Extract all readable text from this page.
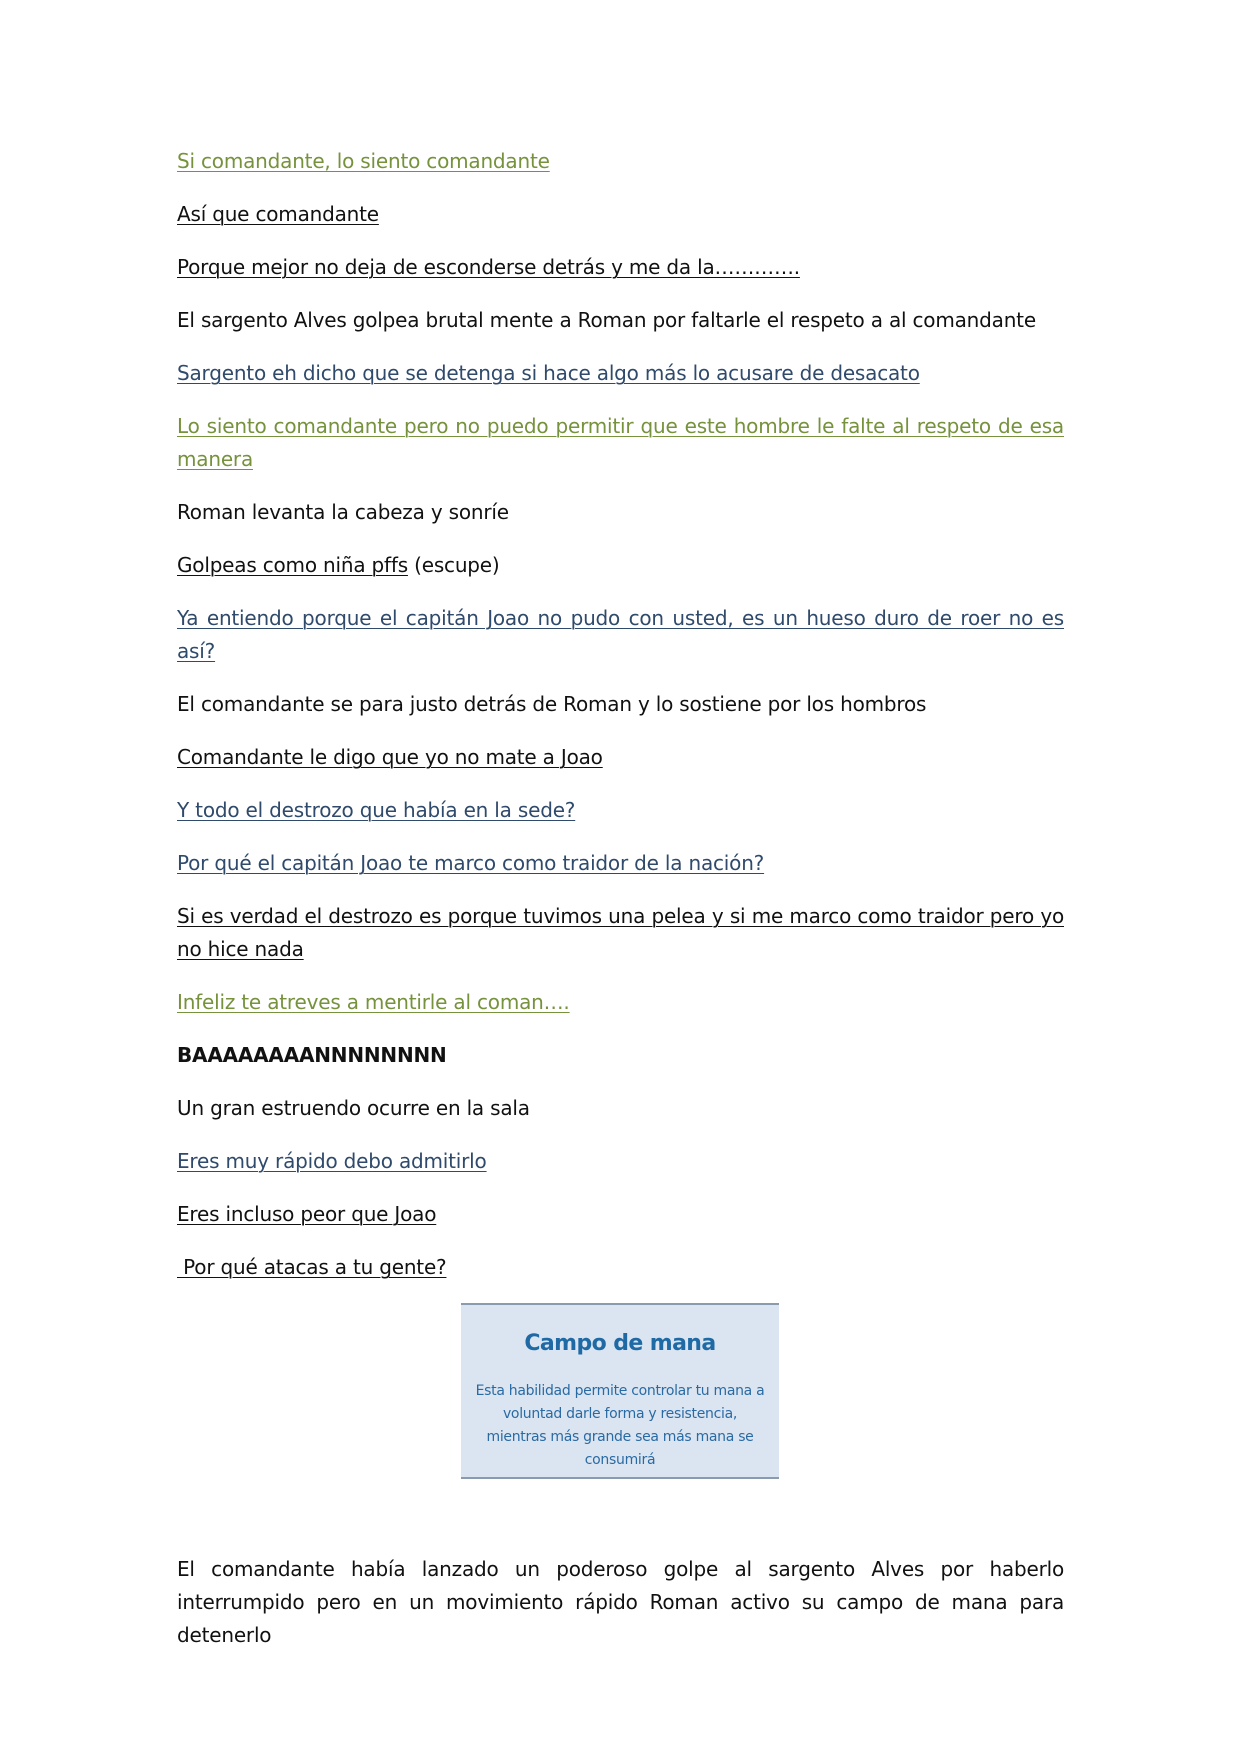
Si comandante, lo siento comandante

Así que comandante

Porque mejor no deja de esconderse detrás y me da la………….

El sargento Alves golpea brutal mente a Roman por faltarle el respeto a al comandante

Sargento eh dicho que se detenga si hace algo más lo acusare de desacato

Lo siento comandante pero no puedo permitir que este hombre le falte al respeto de esa manera

Roman levanta la cabeza y sonríe

Golpeas como niña pffs (escupe)

Ya entiendo porque el capitán Joao no pudo con usted, es un hueso duro de roer no es así?

El comandante se para justo detrás de Roman y lo sostiene por los hombros

Comandante le digo que yo no mate a Joao

Y todo el destrozo que había en la sede?

Por qué el capitán Joao te marco como traidor de la nación?

Si es verdad el destrozo es porque tuvimos una pelea y si me marco como traidor pero yo no hice nada

Infeliz te atreves a mentirle al coman….

BAAAAAAAANNNNNNNN

Un gran estruendo ocurre en la sala

Eres muy rápido debo admitirlo

Eres incluso peor que Joao

Por qué atacas a tu gente?

Campo de mana
Esta habilidad permite controlar tu mana a voluntad darle forma y resistencia, mientras más grande sea más mana se consumirá

El comandante había lanzado un poderoso golpe al sargento Alves por haberlo interrumpido pero en un movimiento rápido Roman activo su campo de mana para detenerlo
